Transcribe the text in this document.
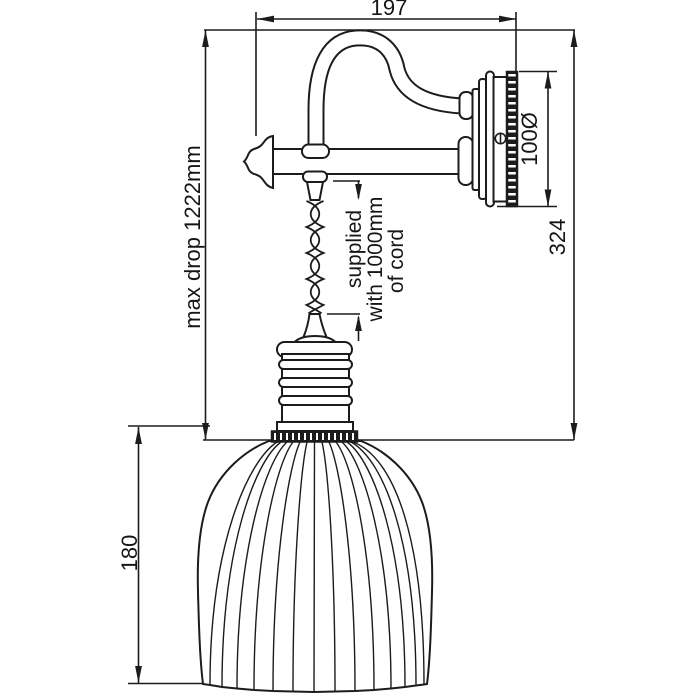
197
max drop 1222mm	324
100Ø
180
supplied
with 1000mm
of cord
